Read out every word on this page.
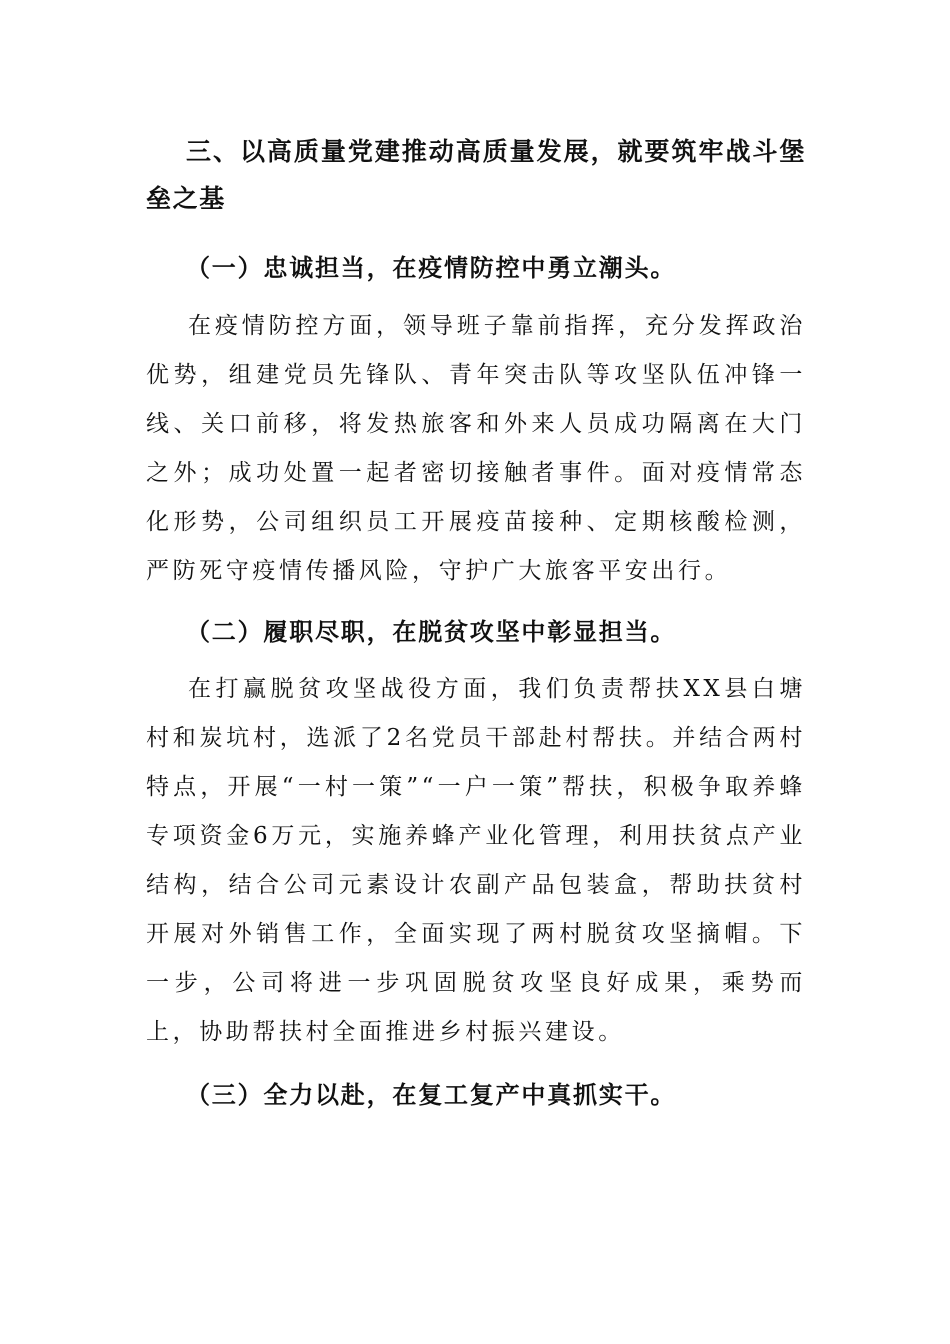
三、以高质量党建推动高质量发展，就要筑牢战斗堡垒之基

（一）忠诚担当，在疫情防控中勇立潮头。

在疫情防控方面，领导班子靠前指挥，充分发挥政治优势，组建党员先锋队、青年突击队等攻坚队伍冲锋一线、关口前移，将发热旅客和外来人员成功隔离在大门之外；成功处置一起者密切接触者事件。面对疫情常态化形势，公司组织员工开展疫苗接种、定期核酸检测，严防死守疫情传播风险，守护广大旅客平安出行。

（二）履职尽职，在脱贫攻坚中彰显担当。

在打赢脱贫攻坚战役方面，我们负责帮扶XX县白塘村和炭坑村，选派了2名党员干部赴村帮扶。并结合两村特点，开展“一村一策”“一户一策”帮扶，积极争取养蜂专项资金6万元，实施养蜂产业化管理，利用扶贫点产业结构，结合公司元素设计农副产品包装盒，帮助扶贫村开展对外销售工作，全面实现了两村脱贫攻坚摘帽。下一步，公司将进一步巩固脱贫攻坚良好成果，乘势而上，协助帮扶村全面推进乡村振兴建设。

（三）全力以赴，在复工复产中真抓实干。
